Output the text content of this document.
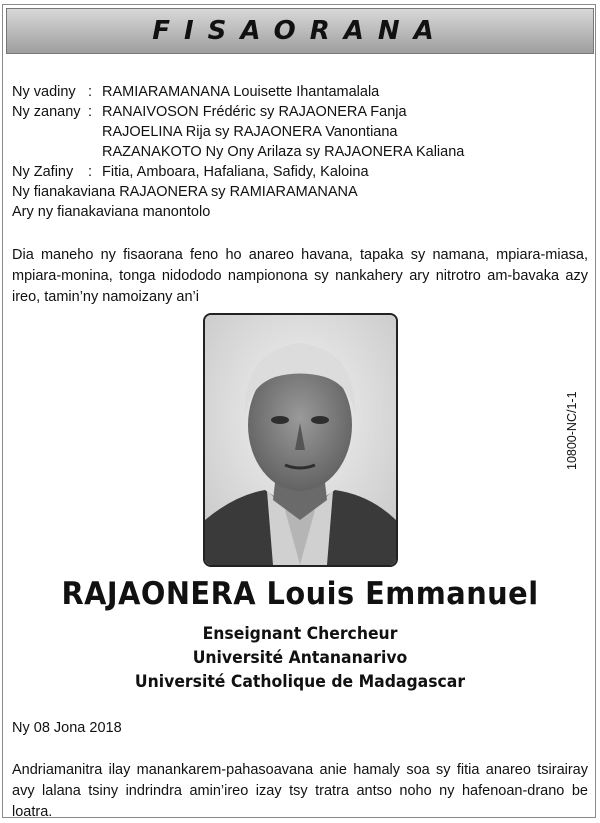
FISAORANA
Ny vadiny : RAMIARAMANANA Louisette Ihantamalala
Ny zanany : RANAIVOSON Frédéric sy RAJAONERA Fanja
RAJOELINA Rija sy RAJAONERA Vanontiana
RAZANAKOTO Ny Ony Arilaza sy RAJAONERA Kaliana
Ny Zafiny : Fitia, Amboara, Hafaliana, Safidy, Kaloina
Ny fianakaviana RAJAONERA sy RAMIARAMANANA
Ary ny fianakaviana manontolo
Dia maneho ny fisaorana feno ho anareo havana, tapaka sy namana, mpiara-miasa, mpiara-monina, tonga nidododo nampionona sy nankahery ary nitrotro am-bavaka azy ireo, tamin’ny namoizany an’i
10800-NC/1-1
RAJAONERA Louis Emmanuel
Enseignant Chercheur
Université Antananarivo
Université Catholique de Madagascar
Ny 08 Jona 2018
Andriamanitra ilay manankarem-pahasoavana anie hamaly soa sy fitia anareo tsirairay avy lalana tsiny indrindra amin’ireo izay tsy tratra antso noho ny hafenoan-drano be loatra.
